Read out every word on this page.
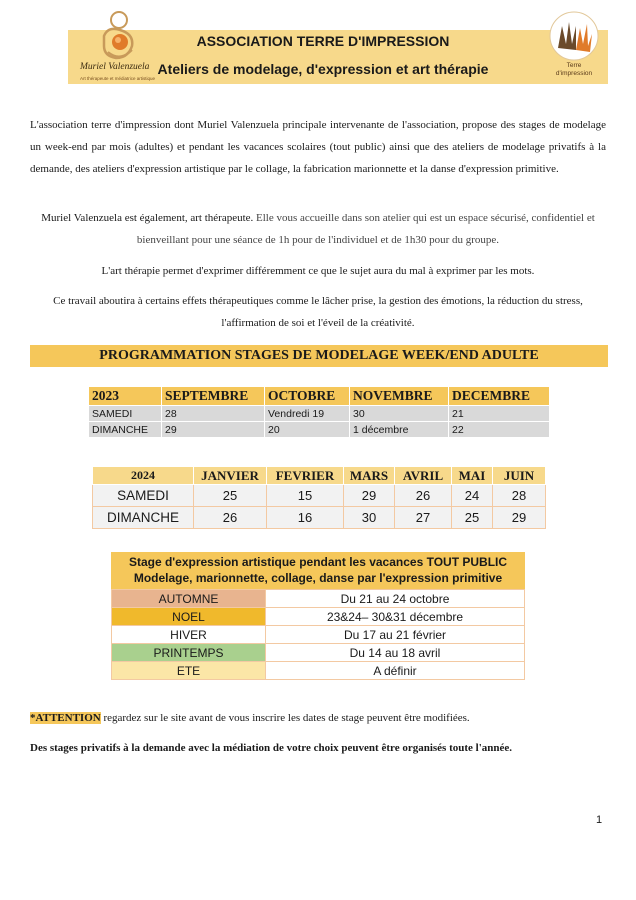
ASSOCIATION TERRE D'IMPRESSION
Ateliers de modelage, d'expression et art thérapie
Muriel Valenzuela
Art thérapeute et médiatrice artistique
Terre
d'impression
L'association terre d'impression dont Muriel Valenzuela principale intervenante de l'association, propose des stages de modelage un week-end par mois (adultes) et pendant les vacances scolaires (tout public) ainsi que des ateliers de modelage privatifs à la demande, des ateliers d'expression artistique par le collage, la fabrication marionnette et la danse d'expression primitive.
Muriel Valenzuela est également, art thérapeute. Elle vous accueille dans son atelier qui est un espace sécurisé, confidentiel et bienveillant pour une séance de 1h pour de l'individuel et de 1h30 pour du groupe.
L'art thérapie permet d'exprimer différemment ce que le sujet aura du mal à exprimer par les mots.
Ce travail aboutira à certains effets thérapeutiques comme le lâcher prise, la gestion des émotions, la réduction du stress, l'affirmation de soi et l'éveil de la créativité.
PROGRAMMATION STAGES DE MODELAGE WEEK/END ADULTE
2023	SEPTEMBRE	OCTOBRE	NOVEMBRE	DECEMBRE
SAMEDI	28	Vendredi 19	30	21
DIMANCHE	29	20	1 décembre	22
2024	JANVIER	FEVRIER	MARS	AVRIL	MAI	JUIN
SAMEDI	25	15	29	26	24	28
DIMANCHE	26	16	30	27	25	29
Stage d'expression artistique pendant les vacances TOUT PUBLIC Modelage, marionnette, collage, danse par l'expression primitive
AUTOMNE	Du 21 au 24 octobre
NOEL	23&24– 30&31 décembre
HIVER	Du 17 au 21 février
PRINTEMPS	Du 14 au 18 avril
ETE	A définir
*ATTENTION regardez sur le site avant de vous inscrire les dates de stage peuvent être modifiées.
Des stages privatifs à la demande avec la médiation de votre choix peuvent être organisés toute l'année.
1
